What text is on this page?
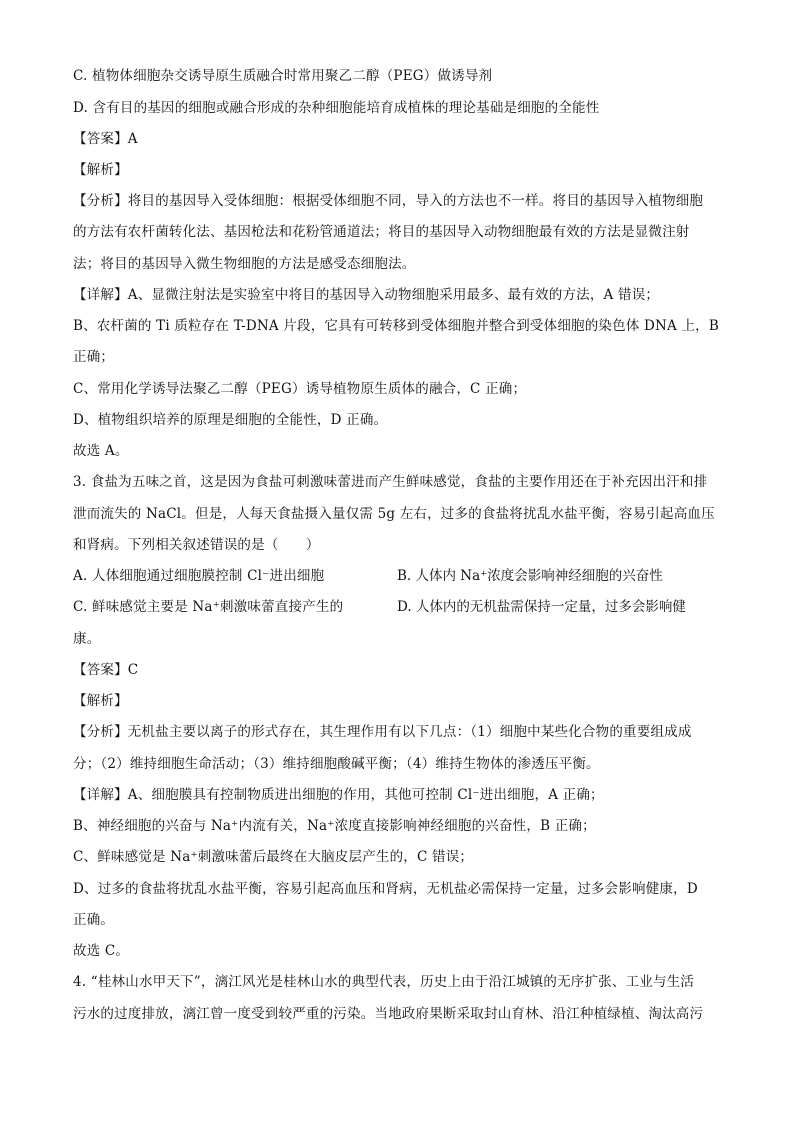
C. 植物体细胞杂交诱导原生质融合时常用聚乙二醇（PEG）做诱导剂
D. 含有目的基因的细胞或融合形成的杂种细胞能培育成植株的理论基础是细胞的全能性
【答案】A
【解析】
【分析】将目的基因导入受体细胞：根据受体细胞不同，导入的方法也不一样。将目的基因导入植物细胞
的方法有农杆菌转化法、基因枪法和花粉管通道法；将目的基因导入动物细胞最有效的方法是显微注射
法；将目的基因导入微生物细胞的方法是感受态细胞法。
【详解】A、显微注射法是实验室中将目的基因导入动物细胞采用最多、最有效的方法，A 错误；
B、农杆菌的 Ti 质粒存在 T-DNA 片段，它具有可转移到受体细胞并整合到受体细胞的染色体 DNA 上，B
正确；
C、常用化学诱导法聚乙二醇（PEG）诱导植物原生质体的融合，C 正确；
D、植物组织培养的原理是细胞的全能性，D 正确。
故选 A。
3. 食盐为五味之首，这是因为食盐可刺激味蕾进而产生鲜味感觉，食盐的主要作用还在于补充因出汗和排
泄而流失的 NaCl。但是，人每天食盐摄入量仅需 5g 左右，过多的食盐将扰乱水盐平衡，容易引起高血压
和肾病。下列相关叙述错误的是（　　）
A. 人体细胞通过细胞膜控制 Cl⁻进出细胞	B. 人体内 Na⁺浓度会影响神经细胞的兴奋性
C. 鲜味感觉主要是 Na⁺刺激味蕾直接产生的	D. 人体内的无机盐需保持一定量，过多会影响健
康。
【答案】C
【解析】
【分析】无机盐主要以离子的形式存在，其生理作用有以下几点：（1）细胞中某些化合物的重要组成成
分；（2）维持细胞生命活动；（3）维持细胞酸碱平衡；（4）维持生物体的渗透压平衡。
【详解】A、细胞膜具有控制物质进出细胞的作用，其他可控制 Cl⁻进出细胞，A 正确；
B、神经细胞的兴奋与 Na⁺内流有关，Na⁺浓度直接影响神经细胞的兴奋性，B 正确；
C、鲜味感觉是 Na⁺刺激味蕾后最终在大脑皮层产生的，C 错误；
D、过多的食盐将扰乱水盐平衡，容易引起高血压和肾病，无机盐必需保持一定量，过多会影响健康，D
正确。
故选 C。
4. “桂林山水甲天下”，漓江风光是桂林山水的典型代表，历史上由于沿江城镇的无序扩张、工业与生活
污水的过度排放，漓江曾一度受到较严重的污染。当地政府果断采取封山育林、沿江种植绿植、淘汰高污
